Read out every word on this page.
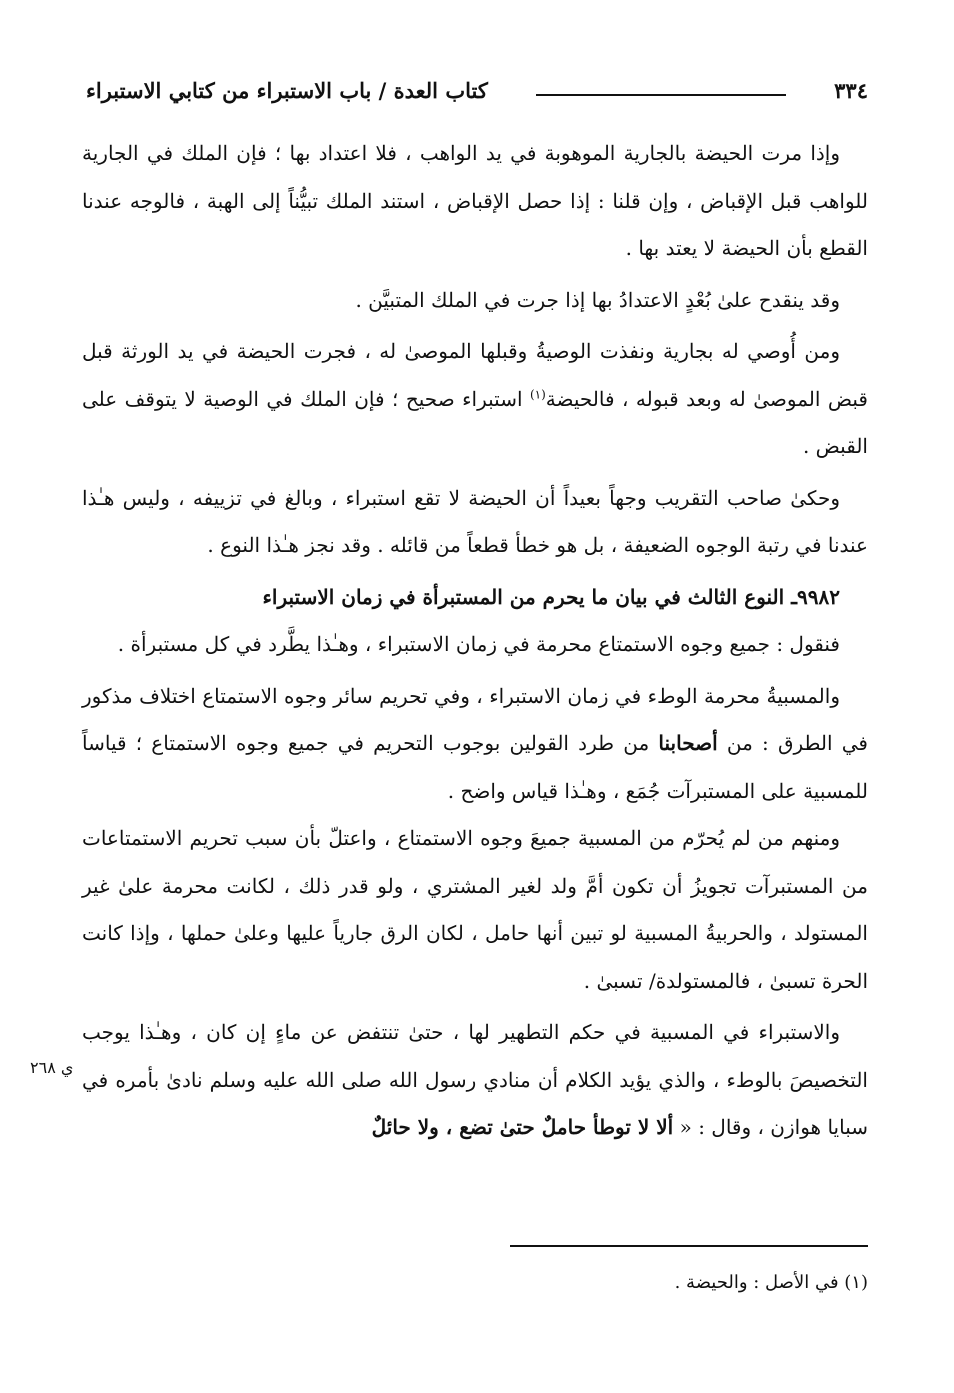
كتاب العدة / باب الاستبراء من كتابي الاستبراء	٣٣٤

وإذا مرت الحيضة بالجارية الموهوبة في يد الواهب ، فلا اعتداد بها ؛ فإن الملك في الجارية للواهب قبل الإقباض ، وإن قلنا : إذا حصل الإقباض ، استند الملك تبيُّناً إلى الهبة ، فالوجه عندنا القطع بأن الحيضة لا يعتد بها .

وقد ينقدح علىٰ بُعْدٍ الاعتدادُ بها إذا جرت في الملك المتبيَّن .

ومن أُوصي له بجارية ونفذت الوصيةُ وقبلها الموصىٰ له ، فجرت الحيضة في يد الورثة قبل قبض الموصىٰ له وبعد قبوله ، فالحيضة$^{(١)}$ استبراء صحيح ؛ فإن الملك في الوصية لا يتوقف على القبض .

وحكىٰ صاحب التقريب وجهاً بعيداً أن الحيضة لا تقع استبراء ، وبالغ في تزييفه ، وليس هـٰذا عندنا في رتبة الوجوه الضعيفة ، بل هو خطأ قطعاً من قائله . وقد نجز هـٰذا النوع .

٩٩٨٢ـ النوع الثالث في بيان ما يحرم من المستبرأة في زمان الاستبراء

فنقول : جميع وجوه الاستمتاع محرمة في زمان الاستبراء ، وهـٰذا يطَّرد في كل مستبرأة .

والمسبيةُ محرمة الوطء في زمان الاستبراء ، وفي تحريم سائر وجوه الاستمتاع اختلاف مذكور في الطرق : من أصحابنا من طرد القولين بوجوب التحريم في جميع وجوه الاستمتاع ؛ قياساً للمسبية على المستبرآت جُمَع ، وهـٰذا قياس واضح .

ومنهم من لم يُحرّم من المسبية جميعَ وجوه الاستمتاع ، واعتلّ بأن سبب تحريم الاستمتاعات من المستبرآت تجويزُ أن تكون أمَّ ولد لغير المشتري ، ولو قدر ذلك ، لكانت محرمة علىٰ غير المستولد ، والحربيةُ المسبية لو تبين أنها حامل ، لكان الرق جارياً عليها وعلىٰ حملها ، وإذا كانت الحرة تسبىٰ ، فالمستولدة/ تسبىٰ .

والاستبراء في المسبية في حكم التطهير لها ، حتىٰ تنتفض عن ماءٍ إن كان ، وهـٰذا يوجب التخصيصَ بالوطء ، والذي يؤيد الكلام أن منادي رسول الله صلى الله عليه وسلم نادىٰ بأمره في سبايا هوازن ، وقال : « ألا لا توطأ حاملٌ حتىٰ تضع ، ولا حائلٌ

ي ٢٦٨
(١) في الأصل : والحيضة .
